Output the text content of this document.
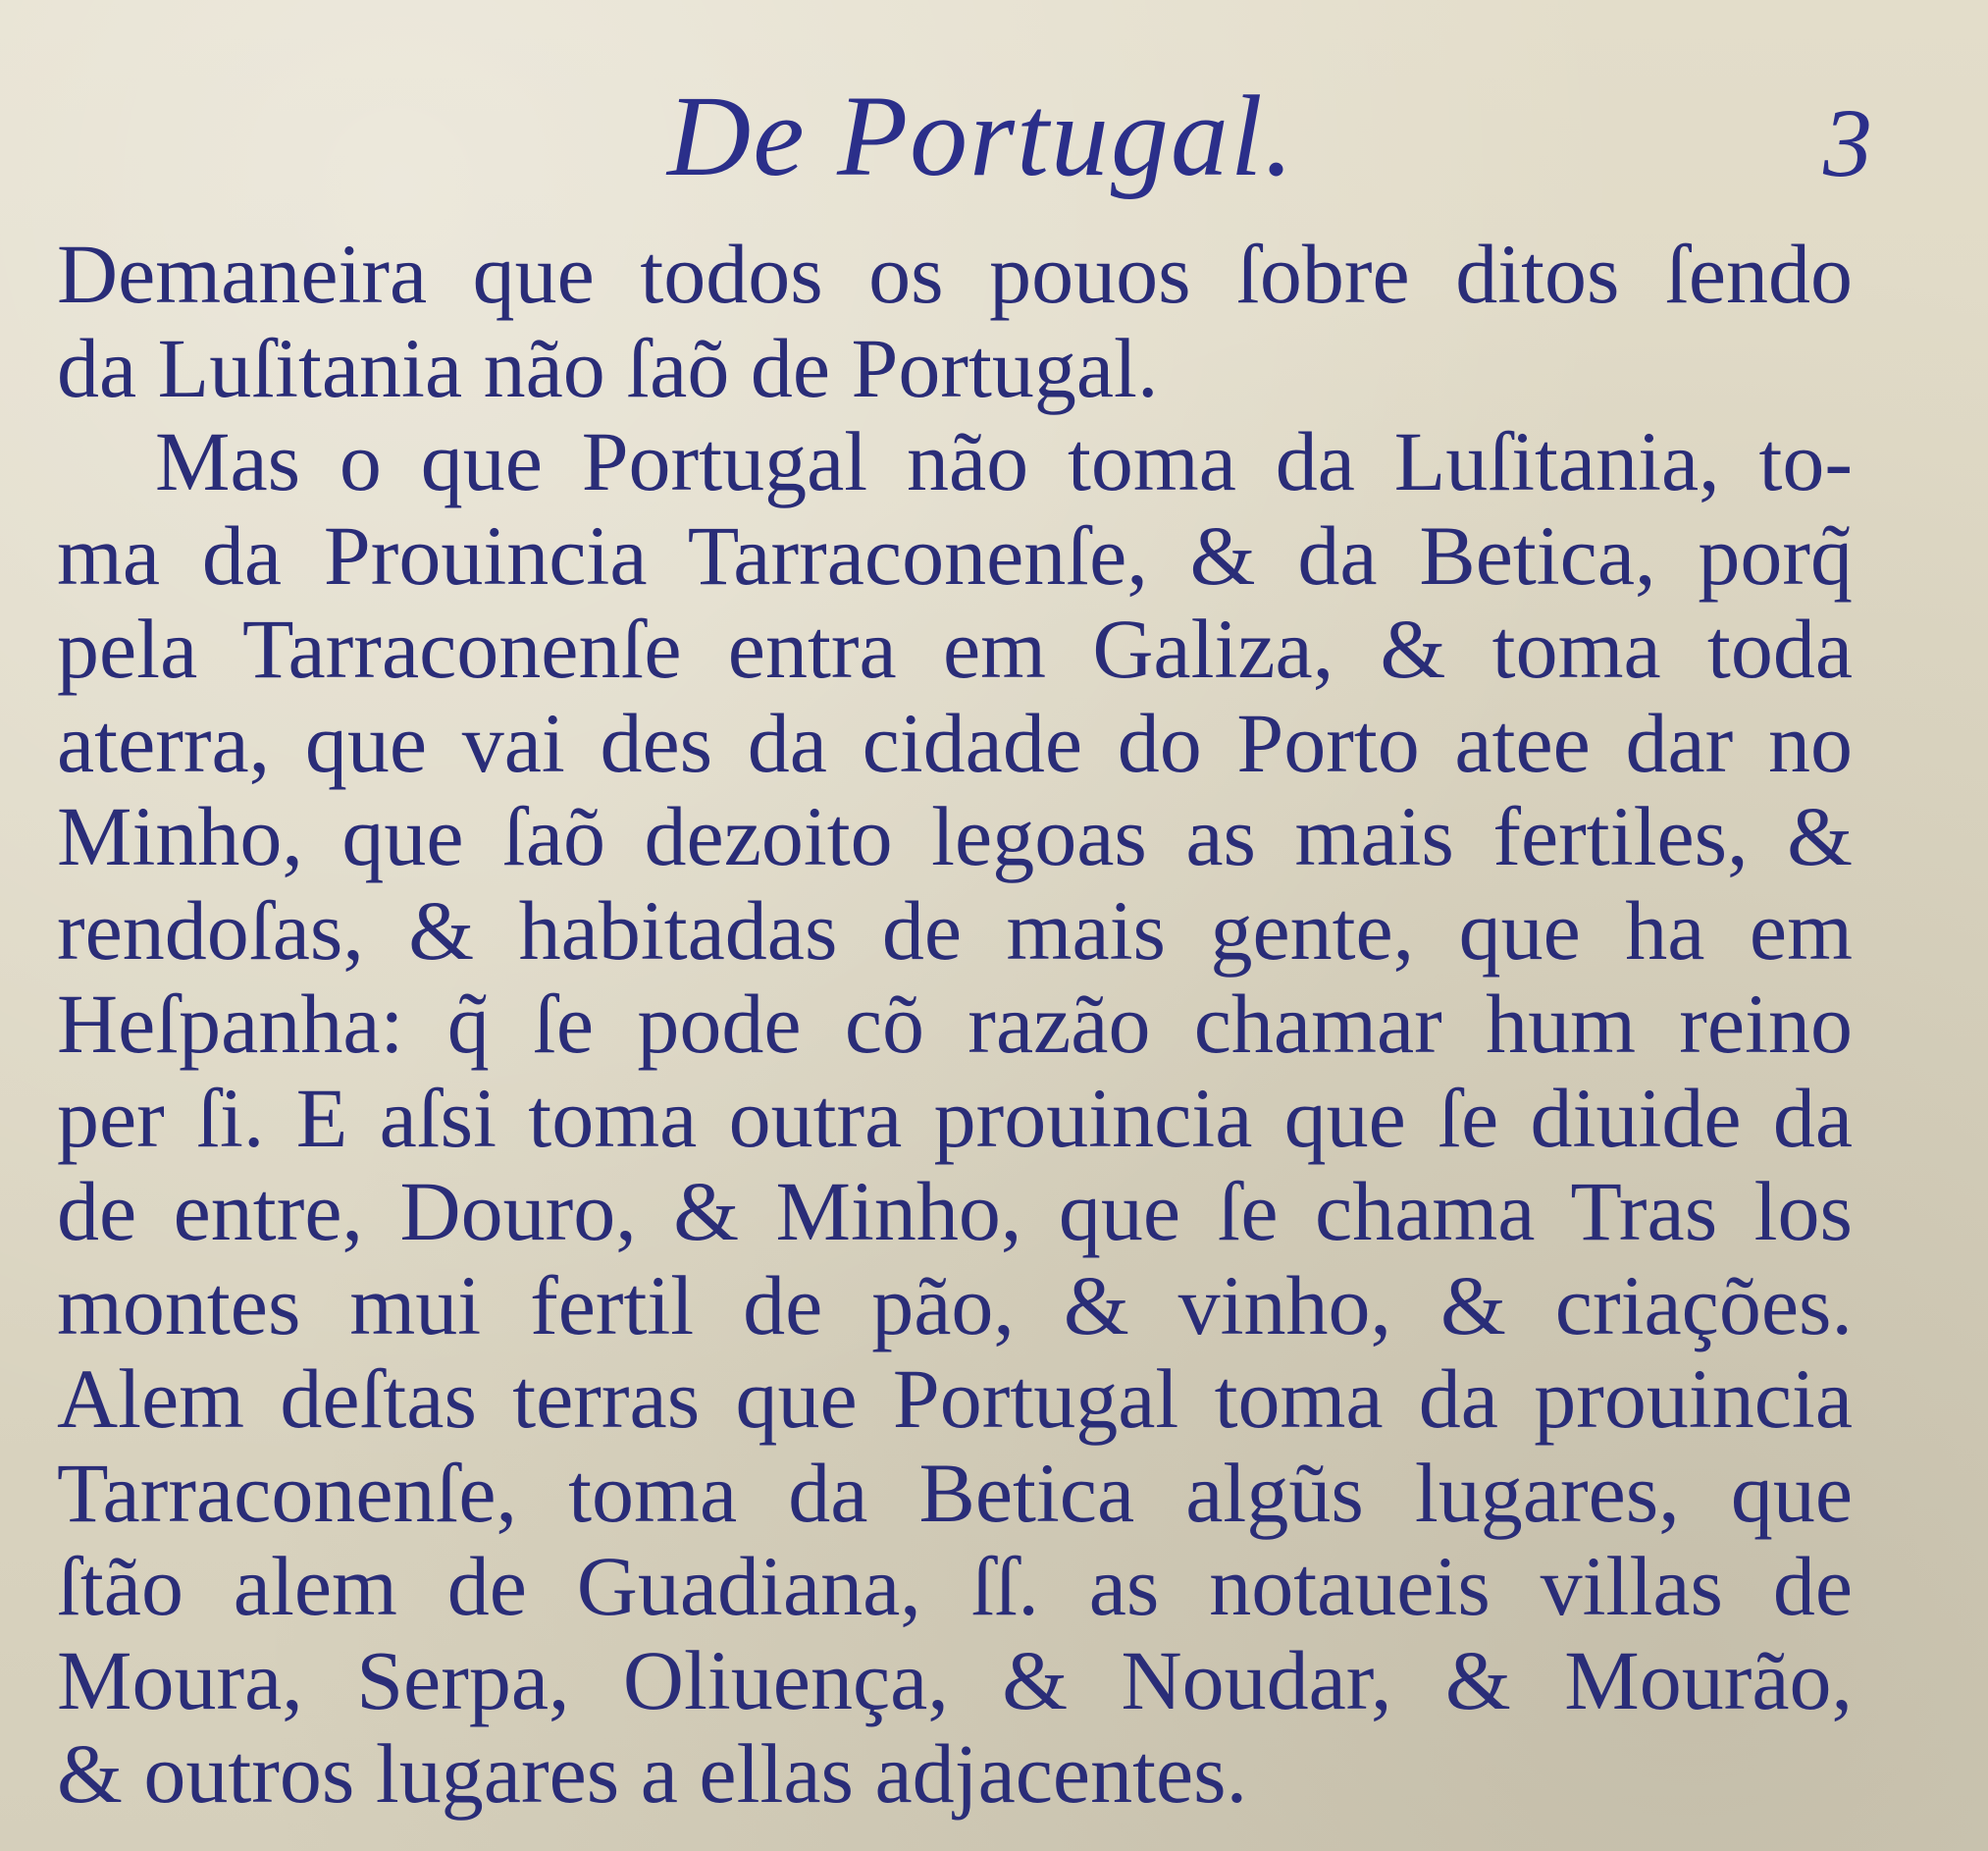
De Portugal.	3
Demaneira que todos os pouos ſobre ditos ſendo
da Luſitania não ſaõ de Portugal.
Mas o que Portugal não toma da Luſitania, to-
ma da Prouincia Tarraconenſe, & da Betica, porq̃
pela Tarraconenſe entra em Galiza, & toma toda
aterra, que vai des da cidade do Porto atee dar no
Minho, que ſaõ dezoito legoas as mais fertiles, &
rendoſas, & habitadas de mais gente, que ha em
Heſpanha: q̃ ſe pode cõ razão chamar hum reino
per ſi. E aſsi toma outra prouincia que ſe diuide da
de entre, Douro, & Minho, que ſe chama Tras los
montes mui fertil de pão, & vinho, & criações.
Alem deſtas terras que Portugal toma da prouincia
Tarraconenſe, toma da Betica algũs lugares, que
ſtão alem de Guadiana, ſſ. as notaueis villas de
Moura, Serpa, Oliuença, & Noudar, & Mourão,
& outros lugares a ellas adjacentes.
